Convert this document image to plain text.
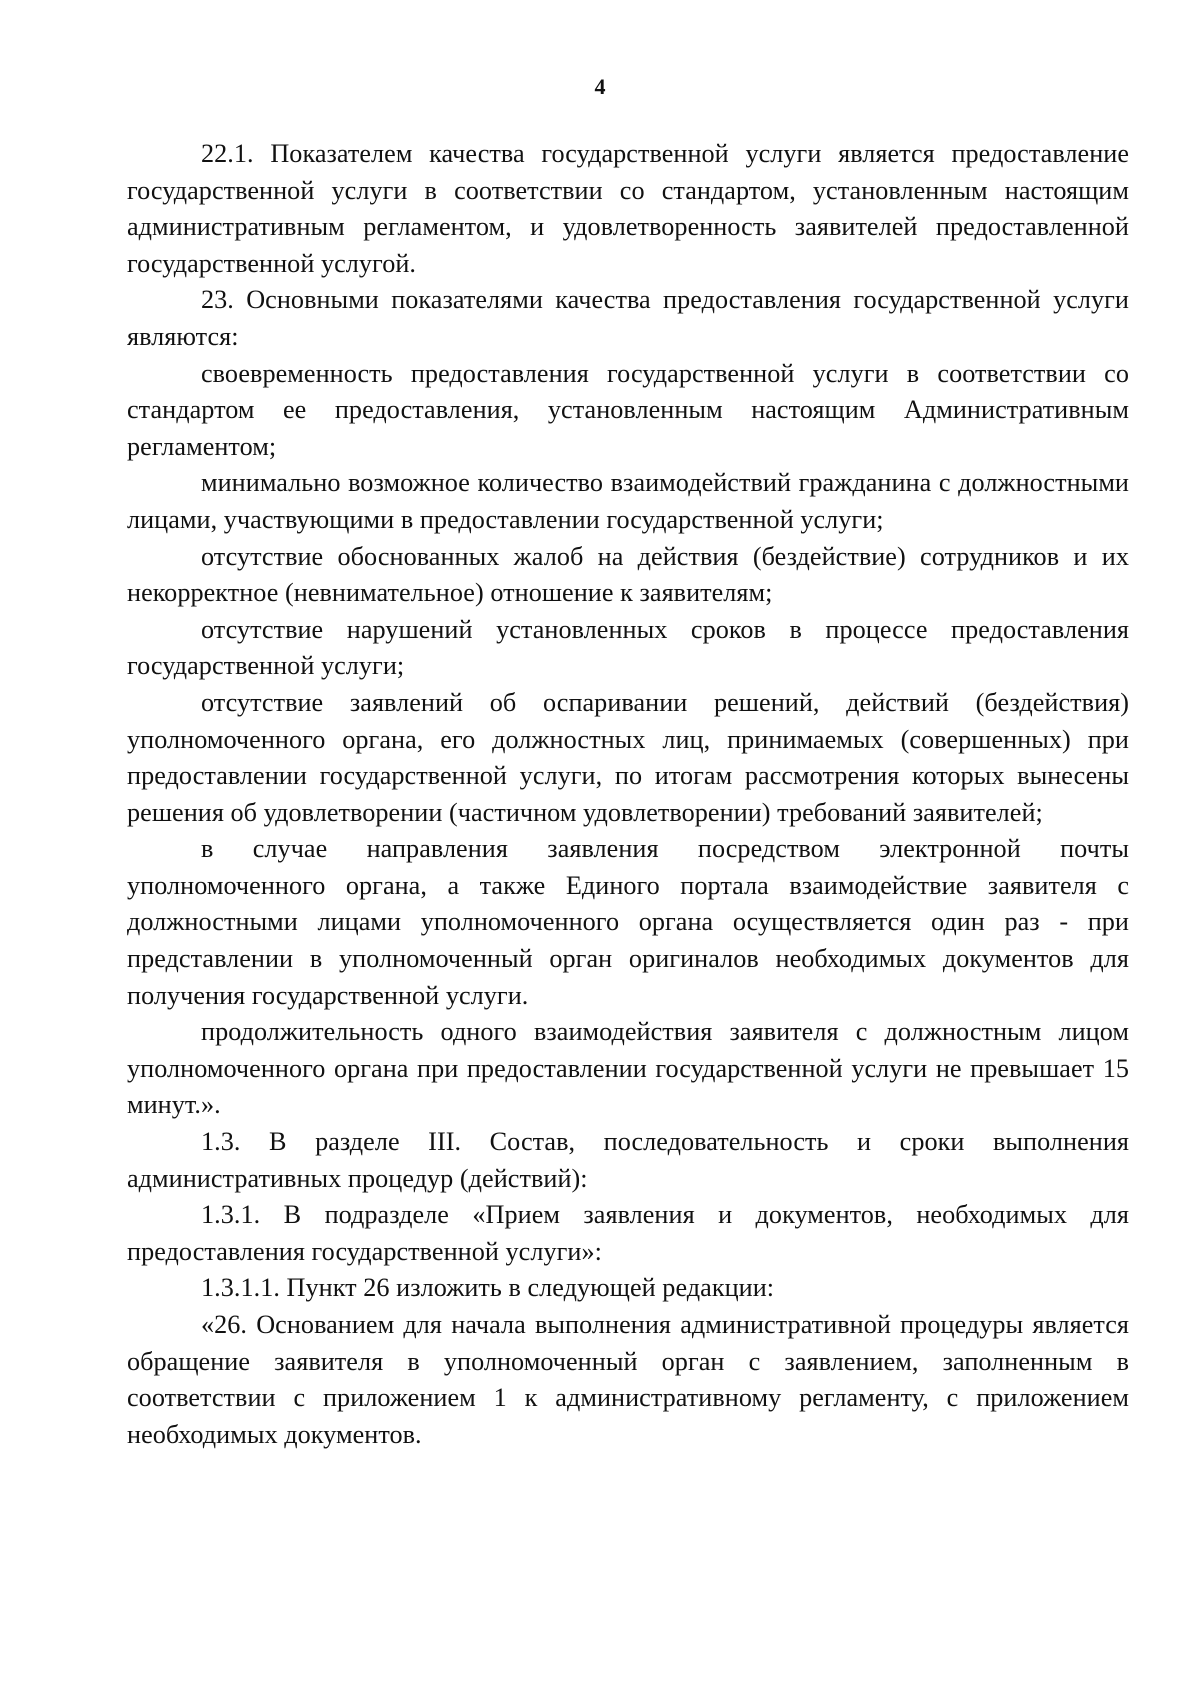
4

22.1. Показателем качества государственной услуги является предоставление государственной услуги в соответствии со стандартом, установленным настоящим административным регламентом, и удовлетворенность заявителей предоставленной государственной услугой.

23. Основными показателями качества предоставления государственной услуги являются:

своевременность предоставления государственной услуги в соответствии со стандартом ее предоставления, установленным настоящим Административным регламентом;

минимально возможное количество взаимодействий гражданина с должностными лицами, участвующими в предоставлении государственной услуги;

отсутствие обоснованных жалоб на действия (бездействие) сотрудников и их некорректное (невнимательное) отношение к заявителям;

отсутствие нарушений установленных сроков в процессе предоставления государственной услуги;

отсутствие заявлений об оспаривании решений, действий (бездействия) уполномоченного органа, его должностных лиц, принимаемых (совершенных) при предоставлении государственной услуги, по итогам рассмотрения которых вынесены решения об удовлетворении (частичном удовлетворении) требований заявителей;

в случае направления заявления посредством электронной почты уполномоченного органа, а также Единого портала взаимодействие заявителя с должностными лицами уполномоченного органа осуществляется один раз - при представлении в уполномоченный орган оригиналов необходимых документов для получения государственной услуги.

продолжительность одного взаимодействия заявителя с должностным лицом уполномоченного органа при предоставлении государственной услуги не превышает 15 минут.».

1.3. В разделе III. Состав, последовательность и сроки выполнения административных процедур (действий):

1.3.1. В подразделе «Прием заявления и документов, необходимых для предоставления государственной услуги»:

1.3.1.1. Пункт 26 изложить в следующей редакции:

«26. Основанием для начала выполнения административной процедуры является обращение заявителя в уполномоченный орган с заявлением, заполненным в соответствии с приложением 1 к административному регламенту, с приложением необходимых документов.
